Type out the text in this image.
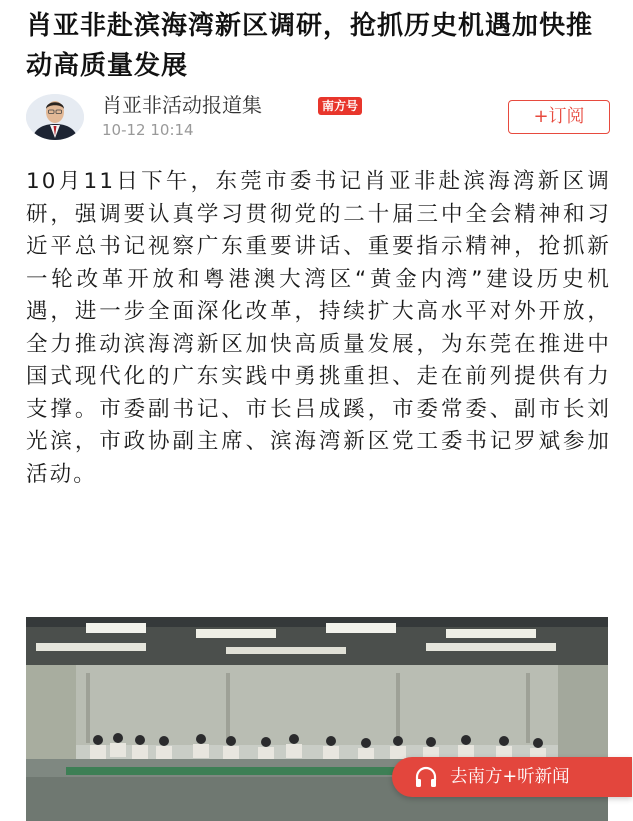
肖亚非赴滨海湾新区调研，抢抓历史机遇加快推动高质量发展
肖亚非活动报道集	南方号
10-12 10:14
+订阅
10月11日下午，东莞市委书记肖亚非赴滨海湾新区调研，强调要认真学习贯彻党的二十届三中全会精神和习近平总书记视察广东重要讲话、重要指示精神，抢抓新一轮改革开放和粤港澳大湾区“黄金内湾”建设历史机遇，进一步全面深化改革，持续扩大高水平对外开放，全力推动滨海湾新区加快高质量发展，为东莞在推进中国式现代化的广东实践中勇挑重担、走在前列提供有力支撑。市委副书记、市长吕成蹊，市委常委、副市长刘光滨，市政协副主席、滨海湾新区党工委书记罗斌参加活动。
去南方+听新闻
